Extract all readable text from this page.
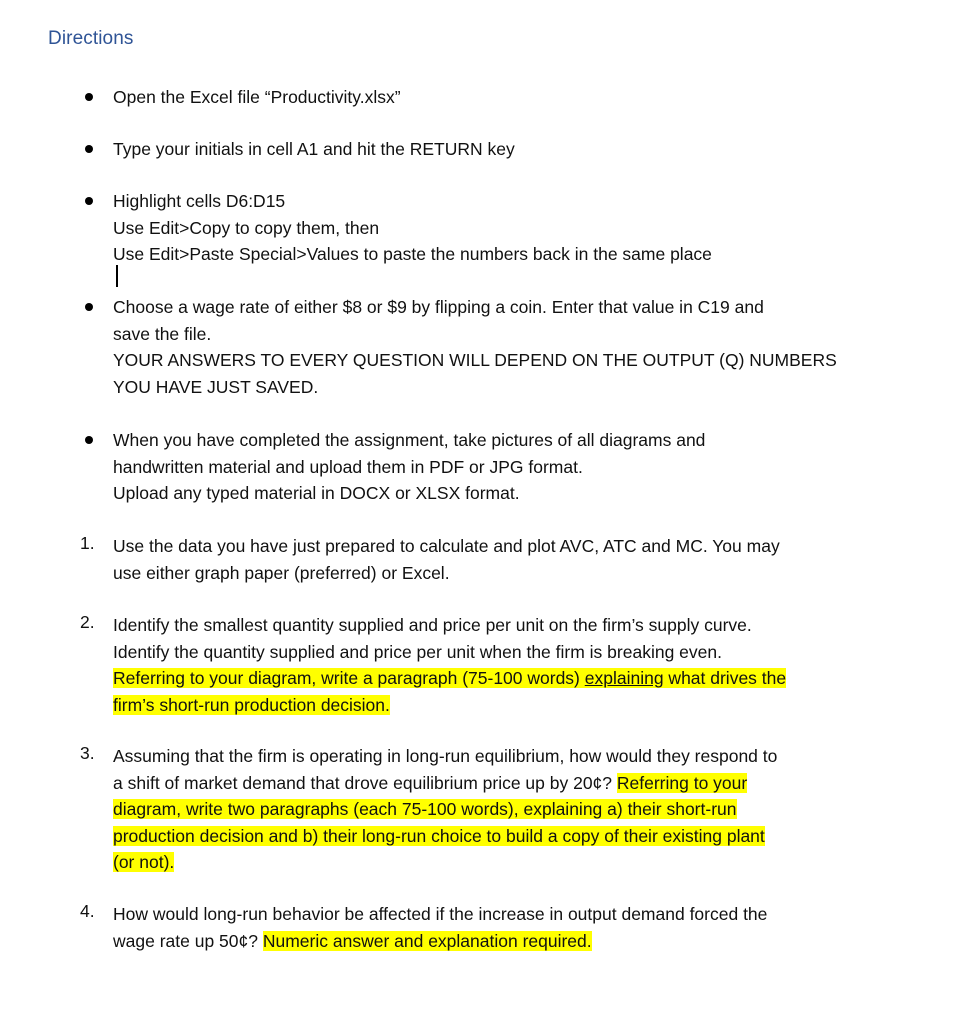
Directions
Open the Excel file “Productivity.xlsx”
Type your initials in cell A1 and hit the RETURN key
Highlight cells D6:D15
Use Edit>Copy to copy them, then
Use Edit>Paste Special>Values to paste the numbers back in the same place
Choose a wage rate of either $8 or $9 by flipping a coin. Enter that value in C19 and
save the file.
YOUR ANSWERS TO EVERY QUESTION WILL DEPEND ON THE OUTPUT (Q) NUMBERS
YOU HAVE JUST SAVED.
When you have completed the assignment, take pictures of all diagrams and
handwritten material and upload them in PDF or JPG format.
Upload any typed material in DOCX or XLSX format.
1. Use the data you have just prepared to calculate and plot AVC, ATC and MC. You may
use either graph paper (preferred) or Excel.
2. Identify the smallest quantity supplied and price per unit on the firm’s supply curve.
Identify the quantity supplied and price per unit when the firm is breaking even.
Referring to your diagram, write a paragraph (75-100 words) explaining what drives the
firm’s short-run production decision.
3. Assuming that the firm is operating in long-run equilibrium, how would they respond to
a shift of market demand that drove equilibrium price up by 20¢? Referring to your
diagram, write two paragraphs (each 75-100 words), explaining a) their short-run
production decision and b) their long-run choice to build a copy of their existing plant
(or not).
4. How would long-run behavior be affected if the increase in output demand forced the
wage rate up 50¢? Numeric answer and explanation required.
